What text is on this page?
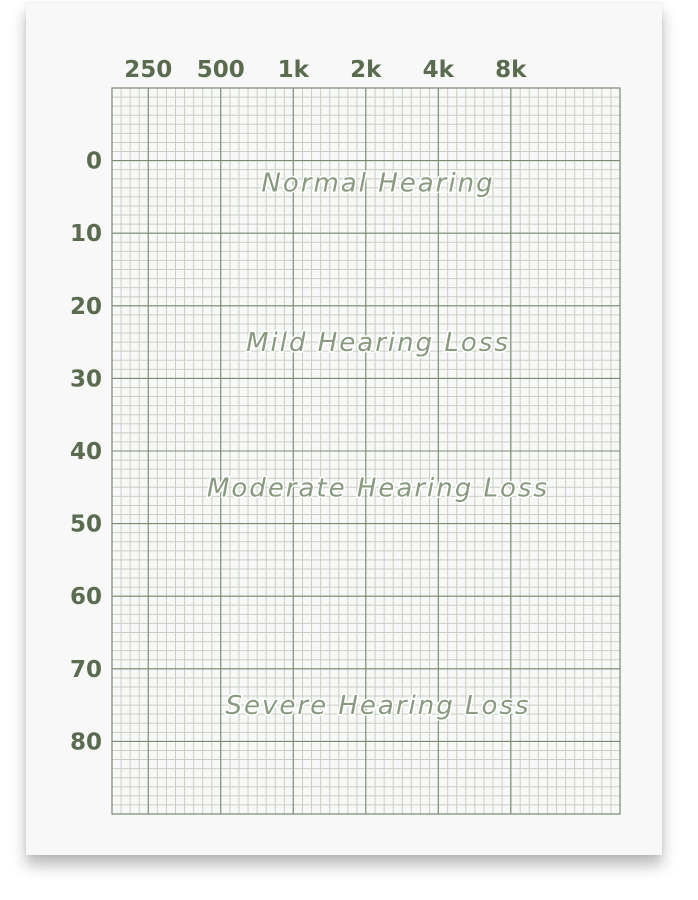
250 500 1k 2k 4k 8k
0
10
20
30
40
50
60
70
80
Normal Hearing
Mild Hearing Loss
Moderate Hearing Loss
Severe Hearing Loss
